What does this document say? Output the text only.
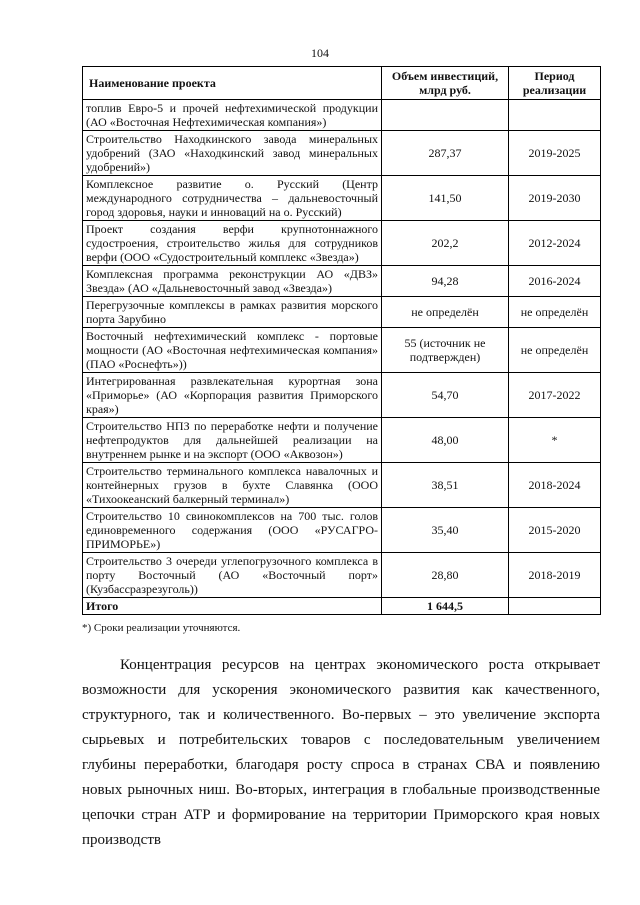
104
Наименование проекта	Объем инвестиций, млрд руб.	Период реализации
топлив Евро-5 и прочей нефтехимической продукции (АО «Восточная Нефтехимическая компания»)		
Строительство Находкинского завода минеральных удобрений (ЗАО «Находкинский завод минеральных удобрений»)	287,37	2019-2025
Комплексное развитие о. Русский (Центр международного сотрудничества – дальневосточный город здоровья, науки и инноваций на о. Русский)	141,50	2019-2030
Проект создания верфи крупнотоннажного судостроения, строительство жилья для сотрудников верфи (ООО «Судостроительный комплекс «Звезда»)	202,2	2012-2024
Комплексная программа реконструкции АО «ДВЗ» Звезда» (АО «Дальневосточный завод «Звезда»)	94,28	2016-2024
Перегрузочные комплексы в рамках развития морского порта Зарубино	не определён	не определён
Восточный нефтехимический комплекс - портовые мощности (АО «Восточная нефтехимическая компания» (ПАО «Роснефть»))	55 (источник не подтвержден)	не определён
Интегрированная развлекательная курортная зона «Приморье» (АО «Корпорация развития Приморского края»)	54,70	2017-2022
Строительство НПЗ по переработке нефти и получение нефтепродуктов для дальнейшей реализации на внутреннем рынке и на экспорт (ООО «Аквозон»)	48,00	*
Строительство терминального комплекса навалочных и контейнерных грузов в бухте Славянка (ООО «Тихоокеанский балкерный терминал»)	38,51	2018-2024
Строительство 10 свинокомплексов на 700 тыс. голов единовременного содержания (ООО «РУСАГРО-ПРИМОРЬЕ»)	35,40	2015-2020
Строительство 3 очереди углепогрузочного комплекса в порту Восточный (АО «Восточный порт» (Кузбассразрезуголь))	28,80	2018-2019
Итого	1 644,5	
*) Сроки реализации уточняются.

Концентрация ресурсов на центрах экономического роста открывает возможности для ускорения экономического развития как качественного, структурного, так и количественного. Во-первых – это увеличение экспорта сырьевых и потребительских товаров с последовательным увеличением глубины переработки, благодаря росту спроса в странах СВА и появлению новых рыночных ниш. Во-вторых, интеграция в глобальные производственные цепочки стран АТР и формирование на территории Приморского края новых производств
